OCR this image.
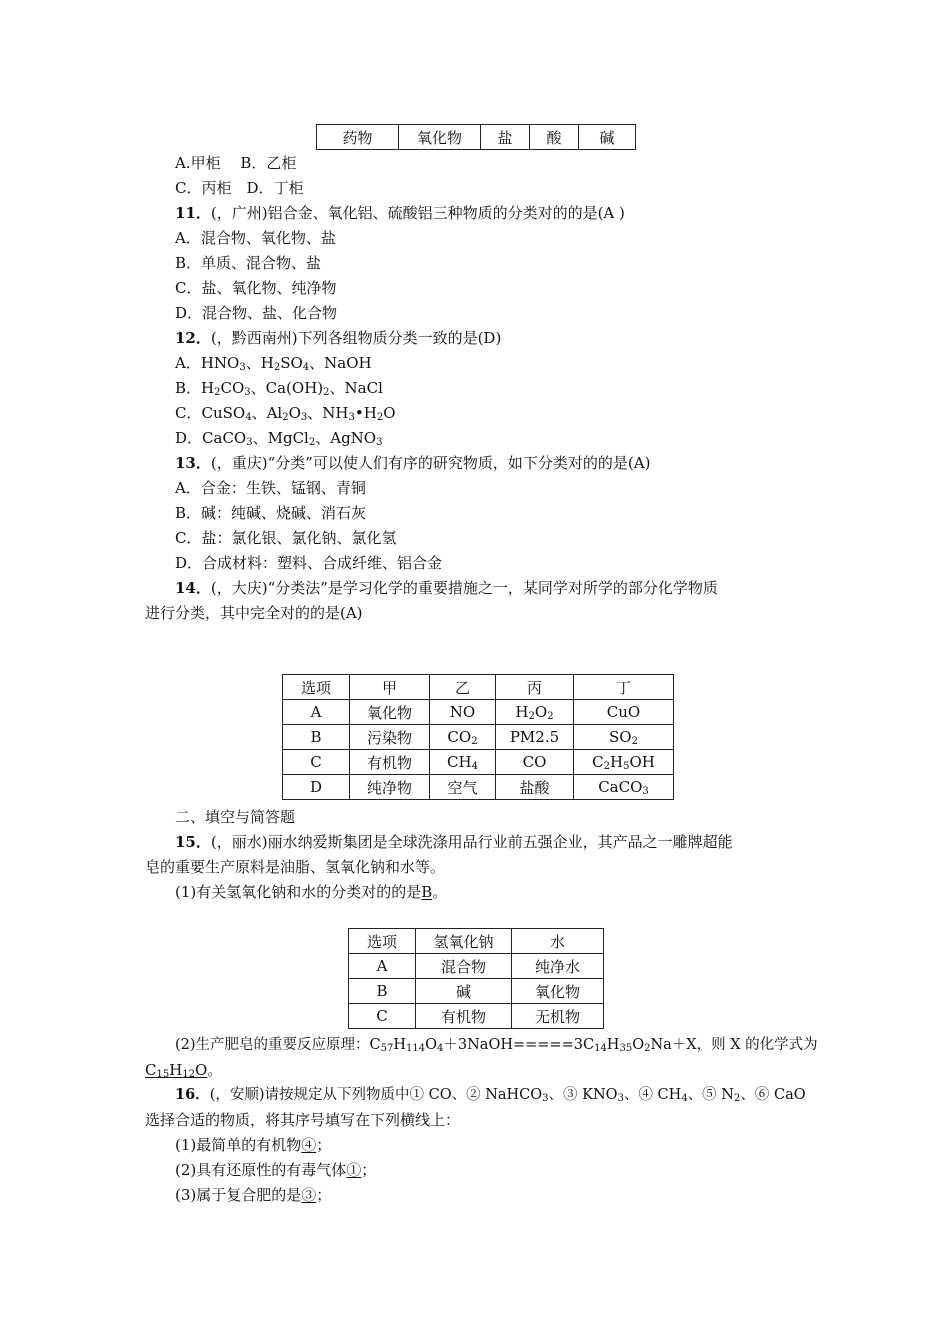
药物	氧化物	盐	酸	碱
A.甲柜　 B．乙柜
C．丙柜　D．丁柜
11．(，广州)铝合金、氧化铝、硫酸铝三种物质的分类对的的是(A )
A．混合物、氧化物、盐
B．单质、混合物、盐
C．盐、氧化物、纯净物
D．混合物、盐、化合物
12．(，黔西南州)下列各组物质分类一致的是(D)
A．$HNO_3$、$H_2SO_4$、NaOH
B．$H_2CO_3$、$Ca(OH)_2$、NaCl
C．CuSO$_4$、$Al_2O_3$、$NH_3•H_2O$
D．CaCO$_3$、MgCl$_2$、AgNO$_3$
13．(，重庆)“分类”可以使人们有序的研究物质，如下分类对的的是(A)
A．合金：生铁、锰钢、青铜
B．碱：纯碱、烧碱、消石灰
C．盐：氯化银、氯化钠、氯化氢
D．合成材料：塑料、合成纤维、铝合金
14．(，大庆)“分类法”是学习化学的重要措施之一，某同学对所学的部分化学物质
进行分类，其中完全对的的是(A)
选项	甲	乙	丙	丁
A	氧化物	NO	$H_2O_2$	CuO
B	污染物	$CO_2$	PM2.5	$SO_2$
C	有机物	$CH_4$	CO	$C_2H_5OH$
D	纯净物	空气	盐酸	CaCO$_3$
二、填空与简答题
15．(，丽水)丽水纳爱斯集团是全球洗涤用品行业前五强企业，其产品之一雕牌超能
皂的重要生产原料是油脂、氢氧化钠和水等。
(1)有关氢氧化钠和水的分类对的的是B。
选项	氢氧化钠	水
A	混合物	纯净水
B	碱	氧化物
C	有机物	无机物
(2)生产肥皂的重要反应原理：$C_{57}H_{114}O_4+3NaOH=====3C_{14}H_{35}O_2Na+X$，则 X 的化学式为
$C_{15}H_{12}O$。
16．(，安顺)请按规定从下列物质中① CO、② NaHCO$_3$、③ $KNO_3$、④ $CH_4$、⑤ $N_2$、⑥ CaO
选择合适的物质，将其序号填写在下列横线上：
(1)最简单的有机物④；
(2)具有还原性的有毒气体①；
(3)属于复合肥的是③；
